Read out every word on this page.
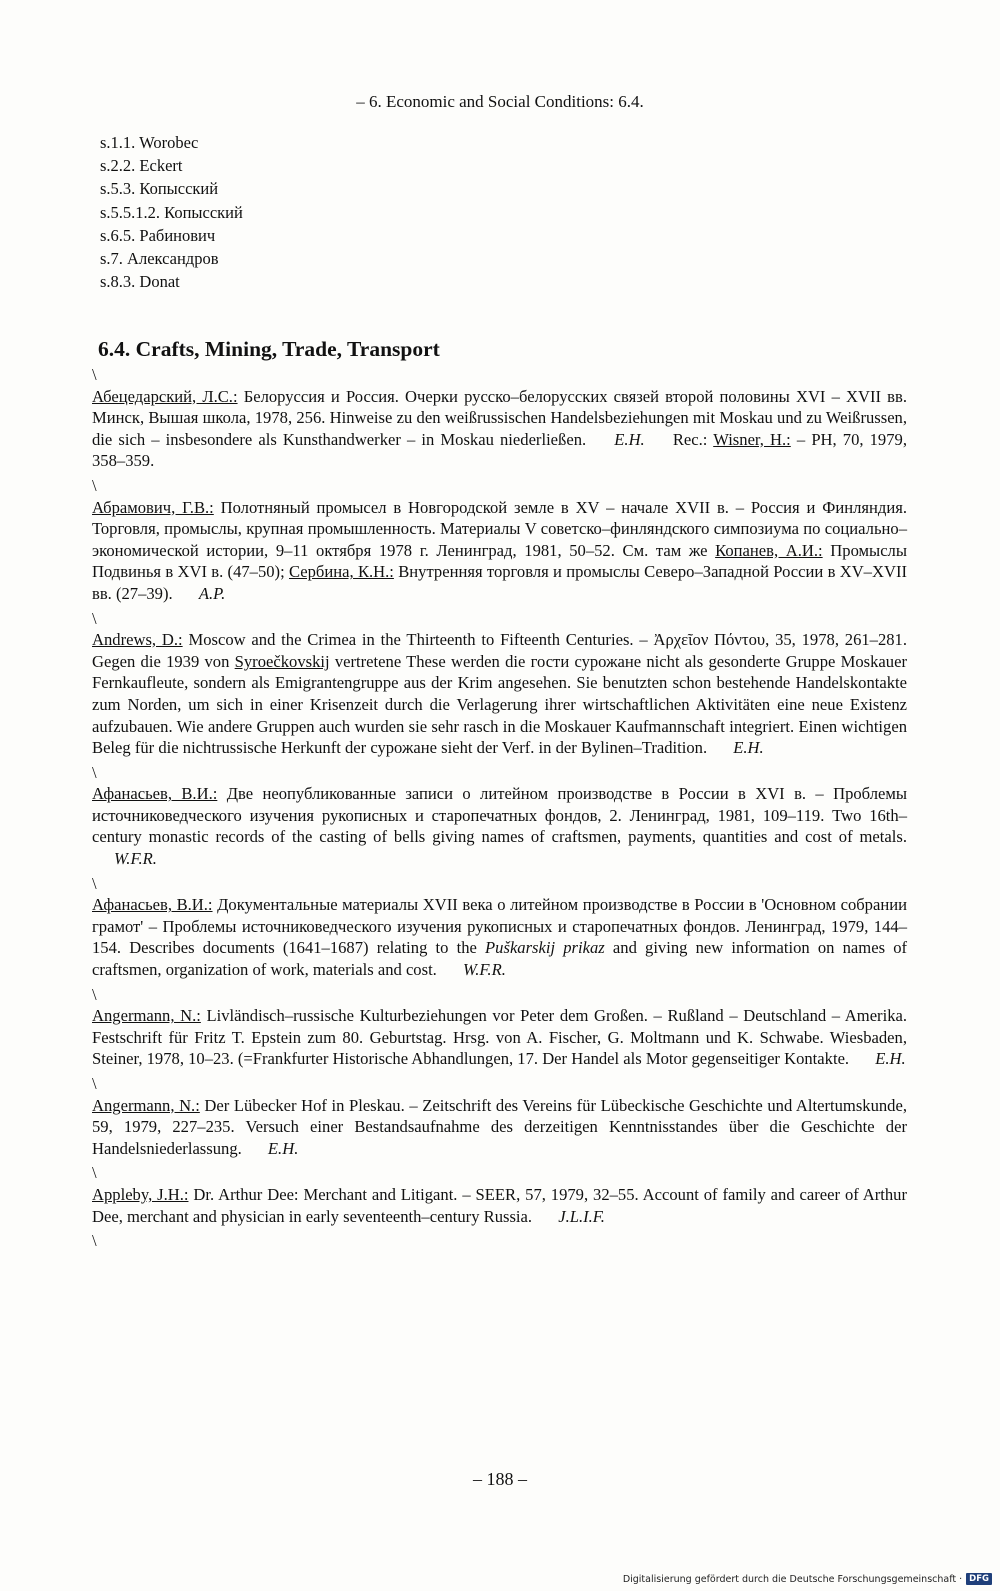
– 6. Economic and Social Conditions: 6.4.
s.1.1. Worobec
s.2.2. Eckert
s.5.3. Копысский
s.5.5.1.2. Копысский
s.6.5. Рабинович
s.7. Александров
s.8.3. Donat
6.4. Crafts, Mining, Trade, Transport
\
Абецедарский, Л.С.: Белоруссия и Россия. Очерки русско–белорусских связей второй половины XVI – XVII вв. Минск, Вышая школа, 1978, 256. Hinweise zu den weißrussischen Handelsbeziehungen mit Moskau und zu Weißrussen, die sich – insbesondere als Kunsthandwerker – in Moskau niederließen. E.H. Rec.: Wisner, H.: – PH, 70, 1979, 358–359.
\
Абрамович, Г.В.: Полотняный промысел в Новгородской земле в XV – начале XVII в. – Россия и Финляндия. Торговля, промыслы, крупная промышленность. Материалы V советско–финляндского симпозиума по социально–экономической истории, 9–11 октября 1978 г. Ленинград, 1981, 50–52. См. там же Копанев, А.И.: Промыслы Подвинья в XVI в. (47–50); Сербина, К.Н.: Внутренняя торговля и промыслы Северо–Западной России в XV–XVII вв. (27–39). A.P.
\
Andrews, D.: Moscow and the Crimea in the Thirteenth to Fifteenth Centuries. – Ἀρχεῖον Πόντου, 35, 1978, 261–281. Gegen die 1939 von Syroečkovskij vertretene These werden die гости сурожане nicht als gesonderte Gruppe Moskauer Fernkaufleute, sondern als Emigrantengruppe aus der Krim angesehen. Sie benutzten schon bestehende Handelskontakte zum Norden, um sich in einer Krisenzeit durch die Verlagerung ihrer wirtschaftlichen Aktivitäten eine neue Existenz aufzubauen. Wie andere Gruppen auch wurden sie sehr rasch in die Moskauer Kaufmannschaft integriert. Einen wichtigen Beleg für die nichtrussische Herkunft der сурожане sieht der Verf. in der Bylinen–Tradition. E.H.
\
Афанасьев, В.И.: Две неопубликованные записи о литейном производстве в России в XVI в. – Проблемы источниковедческого изучения рукописных и старопечатных фондов, 2. Ленинград, 1981, 109–119. Two 16th–century monastic records of the casting of bells giving names of craftsmen, payments, quantities and cost of metals. W.F.R.
\
Афанасьев, В.И.: Документальные материалы XVII века о литейном производстве в России в 'Основном собрании грамот' – Проблемы источниковедческого изучения рукописных и старопечатных фондов. Ленинград, 1979, 144–154. Describes documents (1641–1687) relating to the Puškarskij prikaz and giving new information on names of craftsmen, organization of work, materials and cost. W.F.R.
\
Angermann, N.: Livländisch–russische Kulturbeziehungen vor Peter dem Großen. – Rußland – Deutschland – Amerika. Festschrift für Fritz T. Epstein zum 80. Geburtstag. Hrsg. von A. Fischer, G. Moltmann und K. Schwabe. Wiesbaden, Steiner, 1978, 10–23. (=Frankfurter Historische Abhandlungen, 17. Der Handel als Motor gegenseitiger Kontakte. E.H.
\
Angermann, N.: Der Lübecker Hof in Pleskau. – Zeitschrift des Vereins für Lübeckische Geschichte und Altertumskunde, 59, 1979, 227–235. Versuch einer Bestandsaufnahme des derzeitigen Kenntnisstandes über die Geschichte der Handelsniederlassung. E.H.
\
Appleby, J.H.: Dr. Arthur Dee: Merchant and Litigant. – SEER, 57, 1979, 32–55. Account of family and career of Arthur Dee, merchant and physician in early seventeenth–century Russia. J.L.I.F.
\
– 188 –
Digitalisierung gefördert durch die Deutsche Forschungsgemeinschaft · DFG
